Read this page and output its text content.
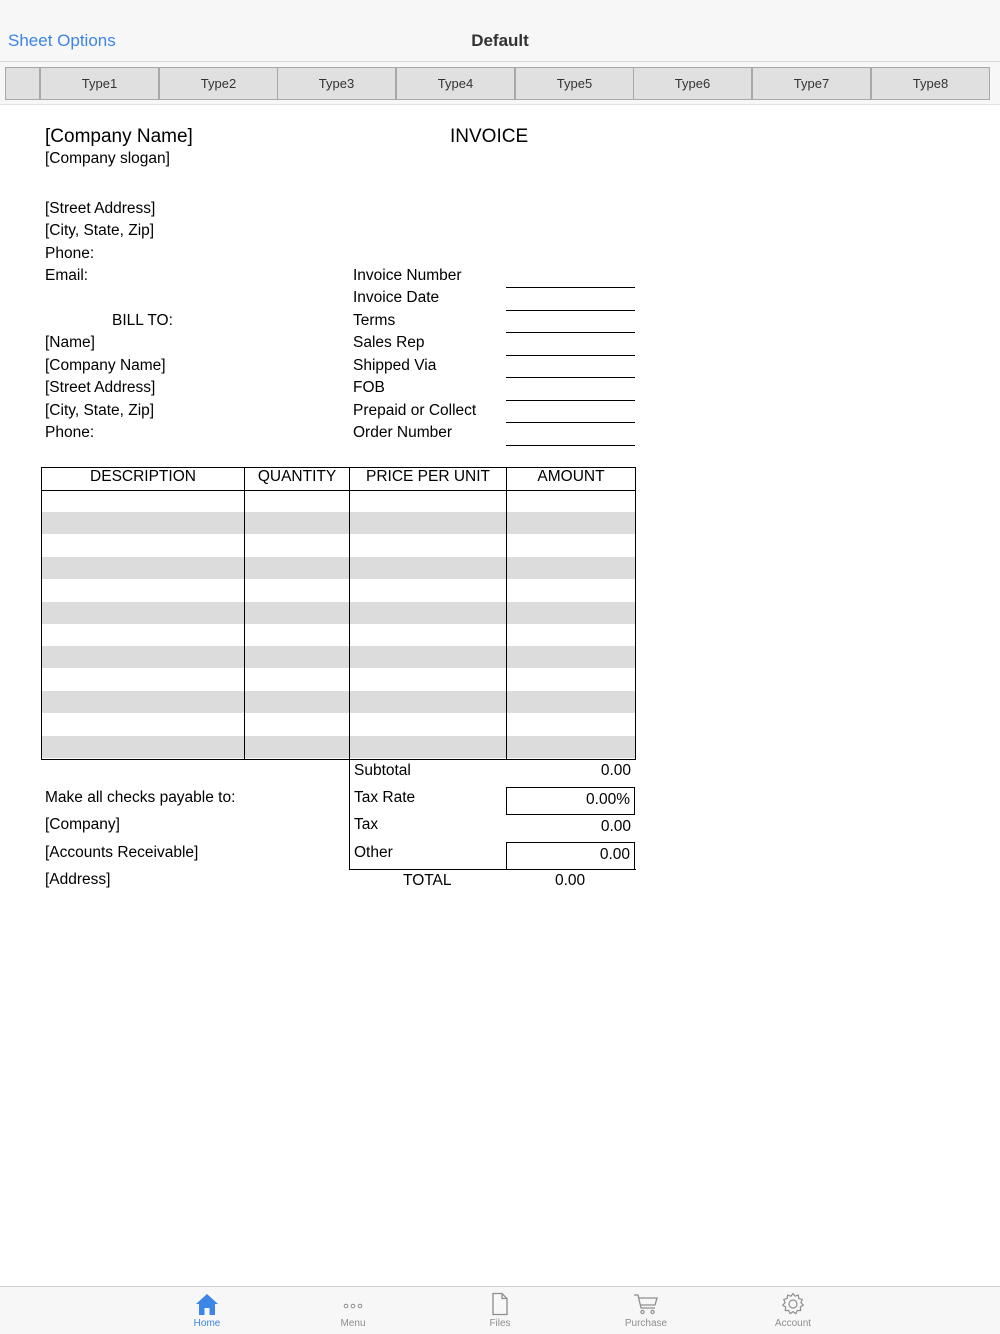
Sheet Options	Default
Type1	Type2	Type3	Type4	Type5	Type6	Type7	Type8
[Company Name]
[Company slogan]
INVOICE
[Street Address]
[City, State, Zip]
Phone:
Email:
BILL TO:
[Name]
[Company Name]
[Street Address]
[City, State, Zip]
Phone:
Invoice Number
Invoice Date
Terms
Sales Rep
Shipped Via
FOB
Prepaid or Collect
Order Number
DESCRIPTION	QUANTITY	PRICE PER UNIT	AMOUNT
Subtotal	0.00
Tax Rate	0.00%
Tax	0.00
Other	0.00
TOTAL	0.00
Make all checks payable to:
[Company]
[Accounts Receivable]
[Address]
Home	Menu	Files	Purchase	Account
